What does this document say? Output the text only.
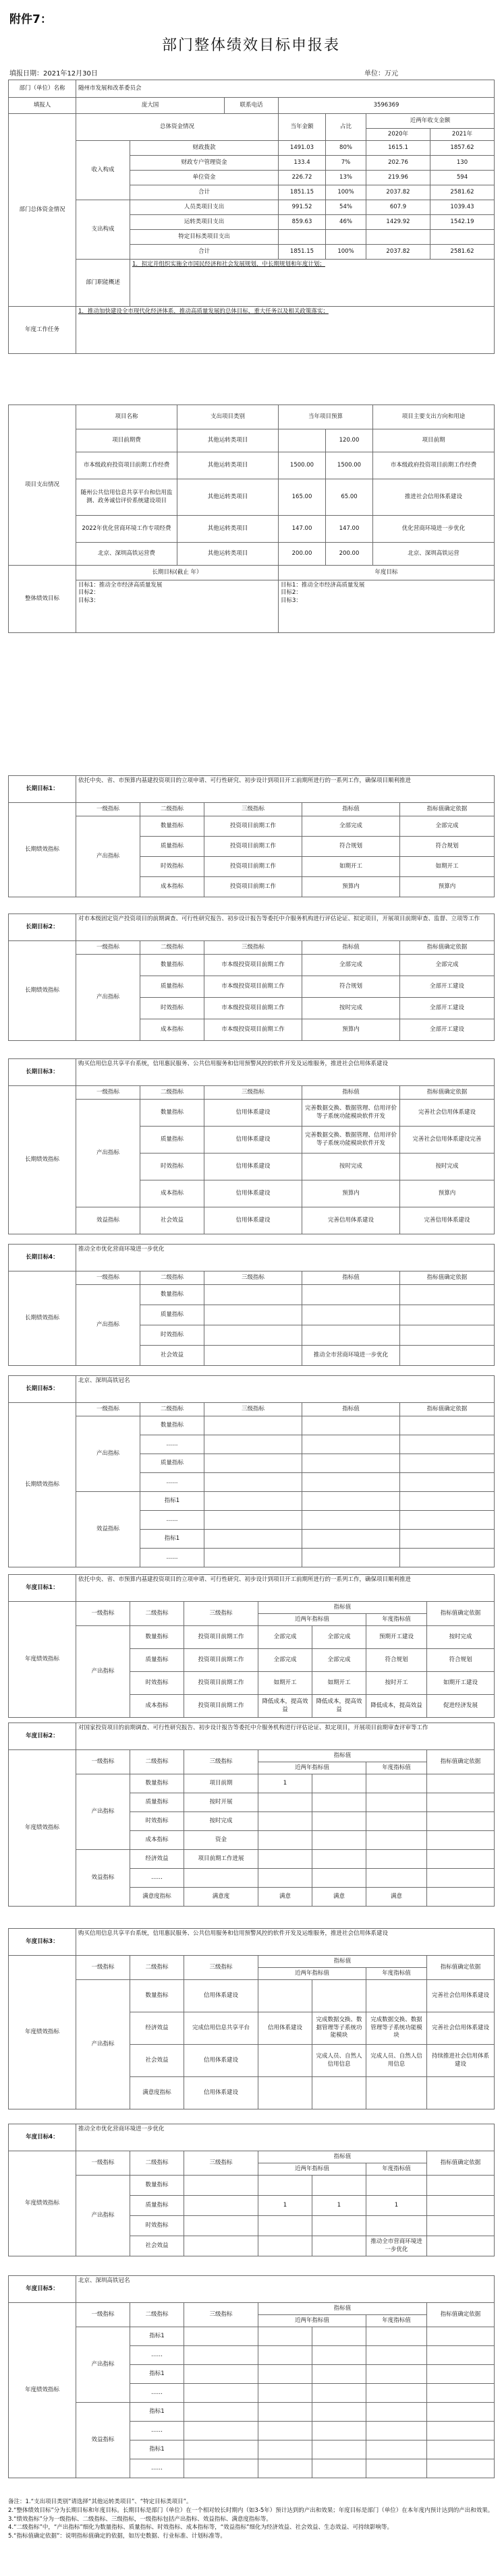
附件7：
部门整体绩效目标申报表
填报日期：2021年12月30日	单位：万元
部门（单位）名称	随州市发展和改革委员会						
填报人	庞大国		联系电话	3596369			
部门总体资金情况	总体资金情况			当年金额	占比	近两年收支金额	
						2020年	2021年
	收入构成	财政拨款		1491.03	80%	1615.1	1857.62
		财政专户管理资金		133.4	7%	202.76	130
		单位资金		226.72	13%	219.96	594
		合计		1851.15	100%	2037.82	2581.62
	支出构成	人员类项目支出		991.52	54%	607.9	1039.43
		运转类项目支出		859.63	46%	1429.92	1542.19
		特定目标类项目支出					
		合计		1851.15	100%	2037.82	2581.62
	部门职能概述	1．拟定并组织实施全市国民经济和社会发展规划，中长期规划和年度计划；					
年度工作任务	1．推动加快建设全市现代化经济体系，推动高质量发展的总体目标，重大任务以及相关政策落实；						
项目支出情况	项目名称	支出项目类别	当年项目预算		项目主要支出方向和用途
	项目前期费	其他运转类项目		120.00	项目前期
	市本级政府投资项目前期工作经费	其他运转类项目	1500.00	1500.00	市本级政府投资项目前期工作经费
	随州公共信用信息共享平台和信用监测、政务诚信评价系统建设项目	其他运转类项目	165.00	65.00	推进社会信用体系建设
	2022年优化营商环境工作专项经费	其他运转类项目	147.00	147.00	优化营商环境进一步优化
	北京、深圳高铁运营费	其他运转类项目	200.00	200.00	北京、深圳高铁运营
整体绩效目标	长期目标(截止 年）		年度目标		
	目标1：推动全市经济高质量发展
目标2：
目标3：		目标1：推动全市经济高质量发展
目标2：
目标3：		
长期目标1：	依托中央、省、市预算内基建投资项目的立项申请、可行性研究、初步设计到项目开工前期所进行的一系列工作，确保项目顺利推进				
长期绩效指标	一级指标	二级指标	三级指标	指标值	指标值确定依据
	产出指标	数量指标	投资项目前期工作	全部完成	全部完成
		质量指标	投资项目前期工作	符合规划	符合规划
		时效指标	投资项目前期工作	如期开工	如期开工
		成本指标	投资项目前期工作	预算内	预算内
长期目标2：	对市本级固定资产投资项目的前期调查、可行性研究报告、初步设计报告等委托中介服务机构进行评估论证、拟定项目，开展项目前期审查、监督、立项等工作				
长期绩效指标	一级指标	二级指标	三级指标	指标值	指标值确定依据
	产出指标	数量指标	市本级投资项目前期工作	全部完成	全部完成
		质量指标	市本级投资项目前期工作	符合规划	全部开工建设
		时效指标	市本级投资项目前期工作	按时完成	全部开工建设
		成本指标	市本级投资项目前期工作	预算内	全部开工建设
长期目标3：	购买信用信息共享平台系统，信用惠民服务、公共信用服务和信用预警风控的软件开发及运维服务，推进社会信用体系建设				
长期绩效指标	一级指标	二级指标	三级指标	指标值	指标值确定依据
	产出指标	数量指标	信用体系建设	完善数据交换、数据管理、信用评价等子系统功能模块软件开发	完善社会信用体系建设
		质量指标	信用体系建设	完善数据交换、数据管理、信用评价等子系统功能模块软件开发	完善社会信用体系建设完善
		时效指标	信用体系建设	按时完成	按时完成
		成本指标	信用体系建设	预算内	预算内
	效益指标	社会效益	信用体系建设	完善信用体系建设	完善信用体系建设
长期目标4：	推动全市优化营商环境进一步优化				
长期绩效指标	一级指标	二级指标	三级指标	指标值	指标值确定依据
	产出指标	数量指标			
		质量指标			
		时效指标			
		社会效益		推动全市营商环境进一步优化	
长期目标5：	北京、深圳高铁冠名				
长期绩效指标	一级指标	二级指标	三级指标	指标值	指标值确定依据
	产出指标	数量指标			
		……			
		质量指标			
		……			
	效益指标	指标1			
		……			
		指标1			
		……			
年度目标1：	依托中央、省、市预算内基建投资项目的立项申请、可行性研究、初步设计到项目开工前期所进行的一系列工作，确保项目顺利推进						
年度绩效指标	一级指标	二级指标	三级指标	指标值			指标值确定依据
				近两年指标值		年度指标值	
	产出指标	数量指标	投资项目前期工作	全部完成	全部完成	预期开工建设	按时完成
		质量指标	投资项目前期工作	全部完成	全部完成	符合规划	符合规划
		时效指标	投资项目前期工作	如期开工	如期开工	按时开工	如期开工建设
		成本指标	投资项目前期工作	降低成本，提高效益	降低成本，提高效益	降低成本，提高效益	促进经济发展
年度目标2：	对国家投资项目的前期调查、可行性研究报告、初步设计报告等委托中介服务机构进行评估论证、拟定项目，开展项目前期审查评审等工作						
年度绩效指标	一级指标	二级指标	三级指标	指标值			指标值确定依据
				近两年指标值		年度指标值	
	产出指标	数量指标	项目前期	1			
		质量指标	按时开展				
		时效指标	按时完成				
		成本指标	资金				
	效益指标	经济效益	项目前期工作进展				
		……					
		满意度指标	满意度	满意	满意	满意	
年度目标3：	购买信用信息共享平台系统，信用惠民服务、公共信用服务和信用预警风控的软件开发及运维服务，推进社会信用体系建设						
年度绩效指标	一级指标	二级指标	三级指标	指标值			指标值确定依据
				近两年指标值		年度指标值	
	产出指标	数量指标	信用体系建设				完善社会信用体系建设
		经济效益	完成信用信息共享平台	信用体系建设	完成数据交换、数据管理等子系统功能模块	完成数据交换、数据管理等子系统功能模块	完善社会信用体系建设
		社会效益	信用体系建设		完成人员、自然人信用信息	完成人员、自然人信用信息	持续推进社会信用体系建设
		满意度指标	信用体系建设				
年度目标4：	推动全市优化营商环境进一步优化						
年度绩效指标	一级指标	二级指标	三级指标	指标值			指标值确定依据
				近两年指标值		年度指标值	
	产出指标	数量指标					
		质量指标		1	1	1	
		时效指标					
		社会效益				推动全市营商环境进一步优化	
年度目标5：	北京、深圳高铁冠名						
年度绩效指标	一级指标	二级指标	三级指标	指标值			指标值确定依据
				近两年指标值		年度指标值	
	产出指标	指标1					
		……					
		指标1					
		……					
	效益指标	指标1					
		……					
		指标1					
		……					

备注：1.“支出项目类别”请选择“其他运转类项目”、“特定目标类项目”。

2.“整体绩效目标”分为长期目标和年度目标。长期目标是部门（单位）在一个相对较长时期内（如3-5年）预计达到的产出和效果；年度目标是部门（单位）在本年度内预计达到的产出和效果。

3.“绩效指标”分为一级指标、二级指标、三级指标，一级指标包括产出指标、效益指标、满意度指标等。

4.“二级指标”中，“产出指标”细化为数量指标、质量指标、时效指标、成本指标等，“效益指标”细化为经济效益、社会效益、生态效益、可持续影响等。

5.“指标值确定依据”：说明指标值确定的依据，如历史数据、行业标准、计划标准等。
